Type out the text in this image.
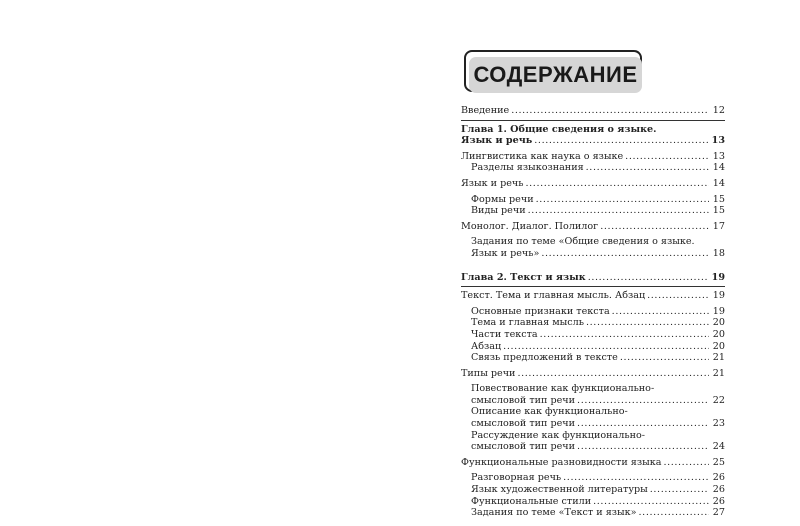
СОДЕРЖАНИЕ
Введение .....	12
Глава 1. Общие сведения о языке.
Язык и речь .....	13
Лингвистика как наука о языке .....	13
Разделы языкознания .....	14
Язык и речь .....	14
Формы речи .....	15
Виды речи .....	15
Монолог. Диалог. Полилог .....	17
Задания по теме «Общие сведения о языке.
Язык и речь» .....	18
Глава 2. Текст и язык .....	19
Текст. Тема и главная мысль. Абзац .....	19
Основные признаки текста .....	19
Тема и главная мысль .....	20
Части текста .....	20
Абзац .....	20
Связь предложений в тексте .....	21
Типы речи .....	21
Повествование как функционально-
смысловой тип речи .....	22
Описание как функционально-
смысловой тип речи .....	23
Рассуждение как функционально-
смысловой тип речи .....	24
Функциональные разновидности языка .....	25
Разговорная речь .....	26
Язык художественной литературы .....	26
Функциональные стили .....	26
Задания по теме «Текст и язык» .....	27
